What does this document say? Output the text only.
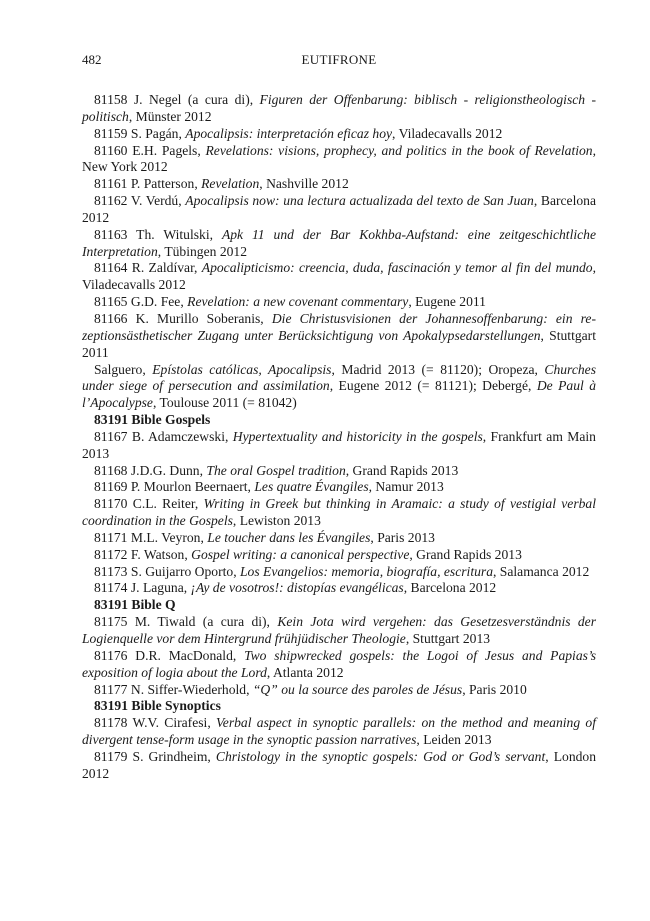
482	EUTIFRONE

81158 J. Negel (a cura di), Figuren der Offenbarung: biblisch - religionstheologisch - politisch, Münster 2012

81159 S. Pagán, Apocalipsis: interpretación eficaz hoy, Viladecavalls 2012

81160 E.H. Pagels, Revelations: visions, prophecy, and politics in the book of Revelation, New York 2012

81161 P. Patterson, Revelation, Nashville 2012

81162 V. Verdú, Apocalipsis now: una lectura actualizada del texto de San Juan, Barcelona 2012

81163 Th. Witulski, Apk 11 und der Bar Kokhba-Aufstand: eine zeitgeschichtliche Interpretation, Tübingen 2012

81164 R. Zaldívar, Apocalipticismo: creencia, duda, fascinación y temor al fin del mundo, Viladecavalls 2012

81165 G.D. Fee, Revelation: a new covenant commentary, Eugene 2011

81166 K. Murillo Soberanis, Die Christusvisionen der Johannesoffenbarung: ein rezeptionsästhetischer Zugang unter Berücksichtigung von Apokalypsedarstellungen, Stuttgart 2011

Salguero, Epístolas católicas, Apocalipsis, Madrid 2013 (= 81120); Oropeza, Churches under siege of persecution and assimilation, Eugene 2012 (= 81121); Debergé, De Paul à l’Apocalypse, Toulouse 2011 (= 81042)

83191 Bible Gospels

81167 B. Adamczewski, Hypertextuality and historicity in the gospels, Frankfurt am Main 2013

81168 J.D.G. Dunn, The oral Gospel tradition, Grand Rapids 2013

81169 P. Mourlon Beernaert, Les quatre Évangiles, Namur 2013

81170 C.L. Reiter, Writing in Greek but thinking in Aramaic: a study of vestigial verbal coordination in the Gospels, Lewiston 2013

81171 M.L. Veyron, Le toucher dans les Évangiles, Paris 2013

81172 F. Watson, Gospel writing: a canonical perspective, Grand Rapids 2013

81173 S. Guijarro Oporto, Los Evangelios: memoria, biografía, escritura, Salamanca 2012

81174 J. Laguna, ¡Ay de vosotros!: distopías evangélicas, Barcelona 2012

83191 Bible Q

81175 M. Tiwald (a cura di), Kein Jota wird vergehen: das Gesetzesverständnis der Logienquelle vor dem Hintergrund frühjüdischer Theologie, Stuttgart 2013

81176 D.R. MacDonald, Two shipwrecked gospels: the Logoi of Jesus and Papias’s exposition of logia about the Lord, Atlanta 2012

81177 N. Siffer-Wiederhold, “Q” ou la source des paroles de Jésus, Paris 2010

83191 Bible Synoptics

81178 W.V. Cirafesi, Verbal aspect in synoptic parallels: on the method and meaning of divergent tense-form usage in the synoptic passion narratives, Leiden 2013

81179 S. Grindheim, Christology in the synoptic gospels: God or God’s servant, London 2012
